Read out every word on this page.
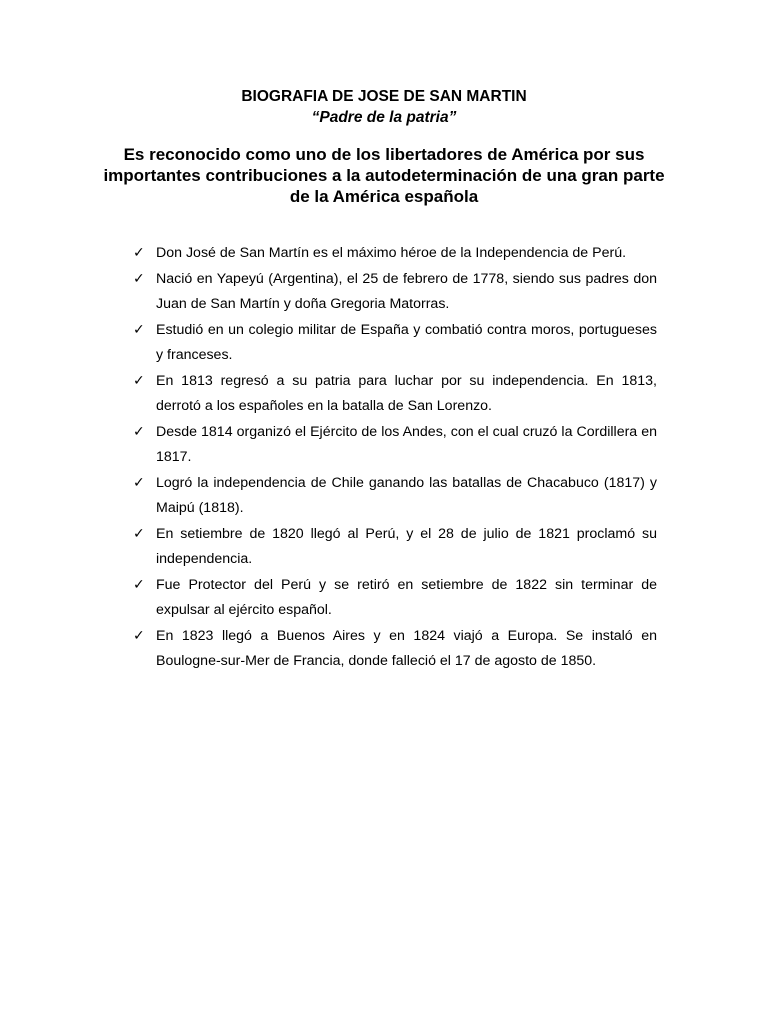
BIOGRAFIA DE JOSE DE SAN MARTIN

“Padre de la patria”

Es reconocido como uno de los libertadores de América por sus importantes contribuciones a la autodeterminación de una gran parte de la América española

✓ Don José de San Martín es el máximo héroe de la Independencia de Perú.
✓ Nació en Yapeyú (Argentina), el 25 de febrero de 1778, siendo sus padres don Juan de San Martín y doña Gregoria Matorras.
✓ Estudió en un colegio militar de España y combatió contra moros, portugueses y franceses.
✓ En 1813 regresó a su patria para luchar por su independencia. En 1813, derrotó a los españoles en la batalla de San Lorenzo.
✓ Desde 1814 organizó el Ejército de los Andes, con el cual cruzó la Cordillera en 1817.
✓ Logró la independencia de Chile ganando las batallas de Chacabuco (1817) y Maipú (1818).
✓ En setiembre de 1820 llegó al Perú, y el 28 de julio de 1821 proclamó su independencia.
✓ Fue Protector del Perú y se retiró en setiembre de 1822 sin terminar de expulsar al ejército español.
✓ En 1823 llegó a Buenos Aires y en 1824 viajó a Europa. Se instaló en Boulogne-sur-Mer de Francia, donde falleció el 17 de agosto de 1850.
